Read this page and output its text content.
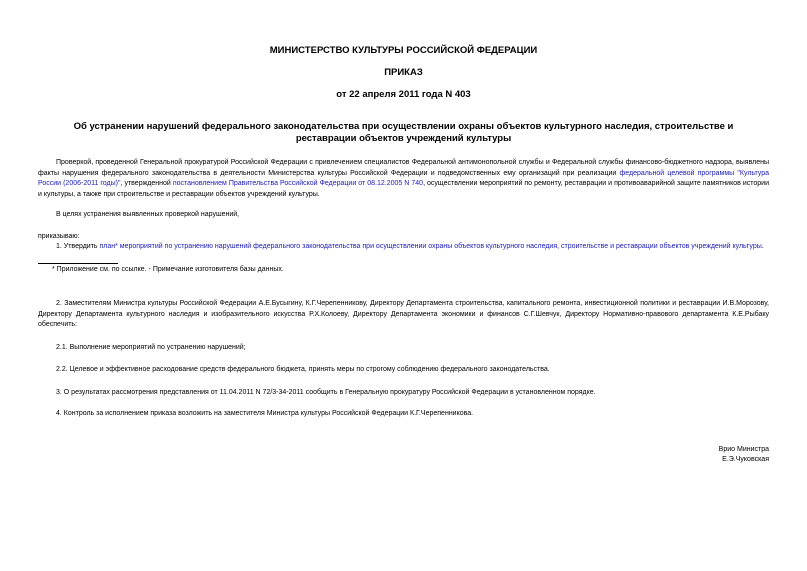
МИНИСТЕРСТВО КУЛЬТУРЫ РОССИЙСКОЙ ФЕДЕРАЦИИ
ПРИКАЗ
от 22 апреля 2011 года N 403
Об устранении нарушений федерального законодательства при осуществлении охраны объектов культурного наследия, строительстве и реставрации объектов учреждений культуры

Проверкой, проведенной Генеральной прокуратурой Российской Федерации с привлечением специалистов Федеральной антимонопольной службы и Федеральной службы финансово-бюджетного надзора, выявлены факты нарушения федерального законодательства в деятельности Министерства культуры Российской Федерации и подведомственных ему организаций при реализации федеральной целевой программы "Культура России (2006-2011 годы)", утвержденной постановлением Правительства Российской Федерации от 08.12.2005 N 740, осуществлении мероприятий по ремонту, реставрации и противоаварийной защите памятников истории и культуры, а также при строительстве и реставрации объектов учреждений культуры.

В целях устранения выявленных проверкой нарушений,

приказываю:

1. Утвердить план* мероприятий по устранению нарушений федерального законодательства при осуществлении охраны объектов культурного наследия, строительстве и реставрации объектов учреждений культуры.

* Приложение см. по ссылке. - Примечание изготовителя базы данных.

2. Заместителям Министра культуры Российской Федерации А.Е.Бусыгину, К.Г.Черепенникову, Директору Департамента строительства, капитального ремонта, инвестиционной политики и реставрации И.В.Морозову, Директору Департамента культурного наследия и изобразительного искусства Р.Х.Колоеву, Директору Департамента экономики и финансов С.Г.Шевчук, Директору Нормативно-правового департамента К.Е.Рыбаку обеспечить:

2.1. Выполнение мероприятий по устранению нарушений;

2.2. Целевое и эффективное расходование средств федерального бюджета, принять меры по строгому соблюдению федерального законодательства.

3. О результатах рассмотрения представления от 11.04.2011 N 72/3-34-2011 сообщить в Генеральную прокуратуру Российской Федерации в установленном порядке.

4. Контроль за исполнением приказа возложить на заместителя Министра культуры Российской Федерации К.Г.Черепенникова.

Врио Министра
Е.Э.Чуковская
